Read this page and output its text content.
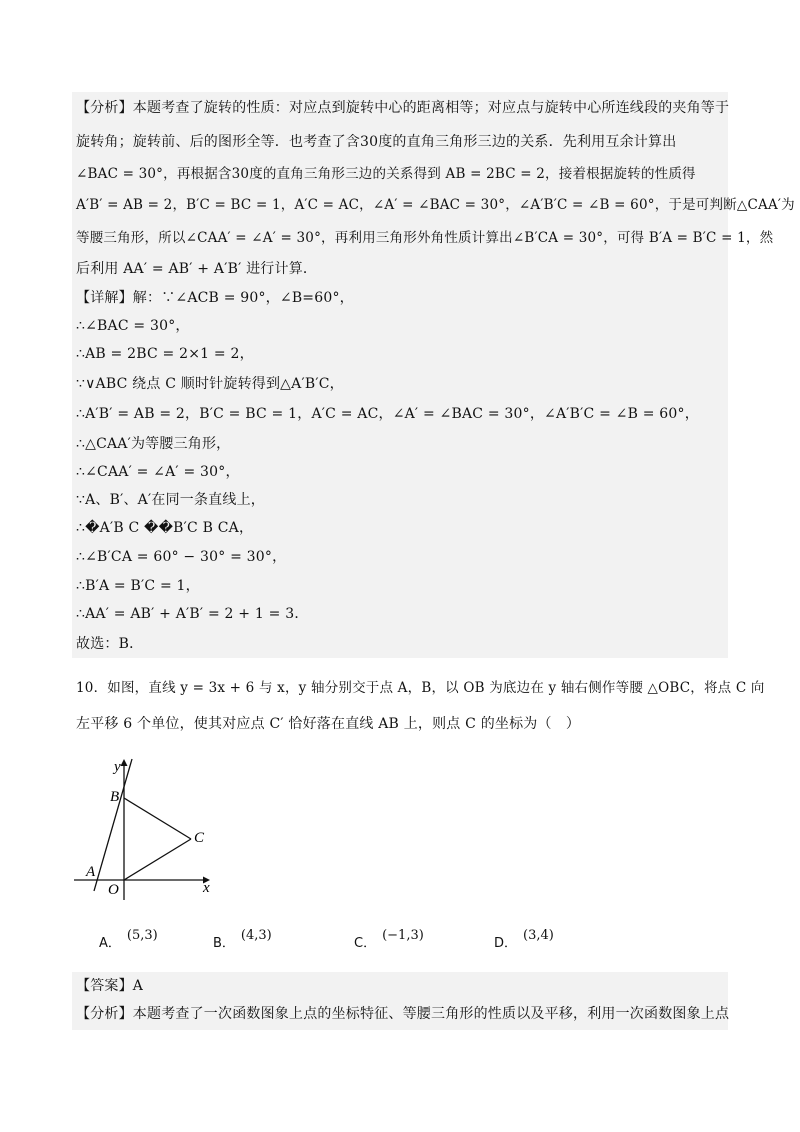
【分析】本题考查了旋转的性质：对应点到旋转中心的距离相等；对应点与旋转中心所连线段的夹角等于
旋转角；旋转前、后的图形全等．也考查了含30度的直角三角形三边的关系．先利用互余计算出
∠BAC = 30°，再根据含30度的直角三角形三边的关系得到 AB = 2BC = 2，接着根据旋转的性质得
A′B′ = AB = 2，B′C = BC = 1，A′C = AC，∠A′ = ∠BAC = 30°，∠A′B′C = ∠B = 60°，于是可判断△CAA′为
等腰三角形，所以∠CAA′ = ∠A′ = 30°，再利用三角形外角性质计算出∠B′CA = 30°，可得 B′A = B′C = 1，然
后利用 AA′ = AB′ + A′B′ 进行计算．
【详解】解：∵∠ACB = 90°，∠B=60°，
∴∠BAC = 30°，
∴AB = 2BC = 2×1 = 2，
∵∨ABC 绕点 C 顺时针旋转得到△A′B′C，
∴A′B′ = AB = 2，B′C = BC = 1，A′C = AC，∠A′ = ∠BAC = 30°，∠A′B′C = ∠B = 60°，
∴△CAA′为等腰三角形，
∴∠CAA′ = ∠A′ = 30°，
∵A、B′、A′在同一条直线上，
∴�A′B C ��B′C B CA，
∴∠B′CA = 60° − 30° = 30°，
∴B′A = B′C = 1，
∴AA′ = AB′ + A′B′ = 2 + 1 = 3．
故选：B．
10．如图，直线 y = 3x + 6 与 x，y 轴分别交于点 A，B，以 OB 为底边在 y 轴右侧作等腰 △OBC，将点 C 向
左平移 6 个单位，使其对应点 C′ 恰好落在直线 AB 上，则点 C 的坐标为（　）
y
x
B
C
A
O
A．(5,3)
B．(4,3)
C．(−1,3)
D．(3,4)
【答案】A
【分析】本题考查了一次函数图象上点的坐标特征、等腰三角形的性质以及平移，利用一次函数图象上点
